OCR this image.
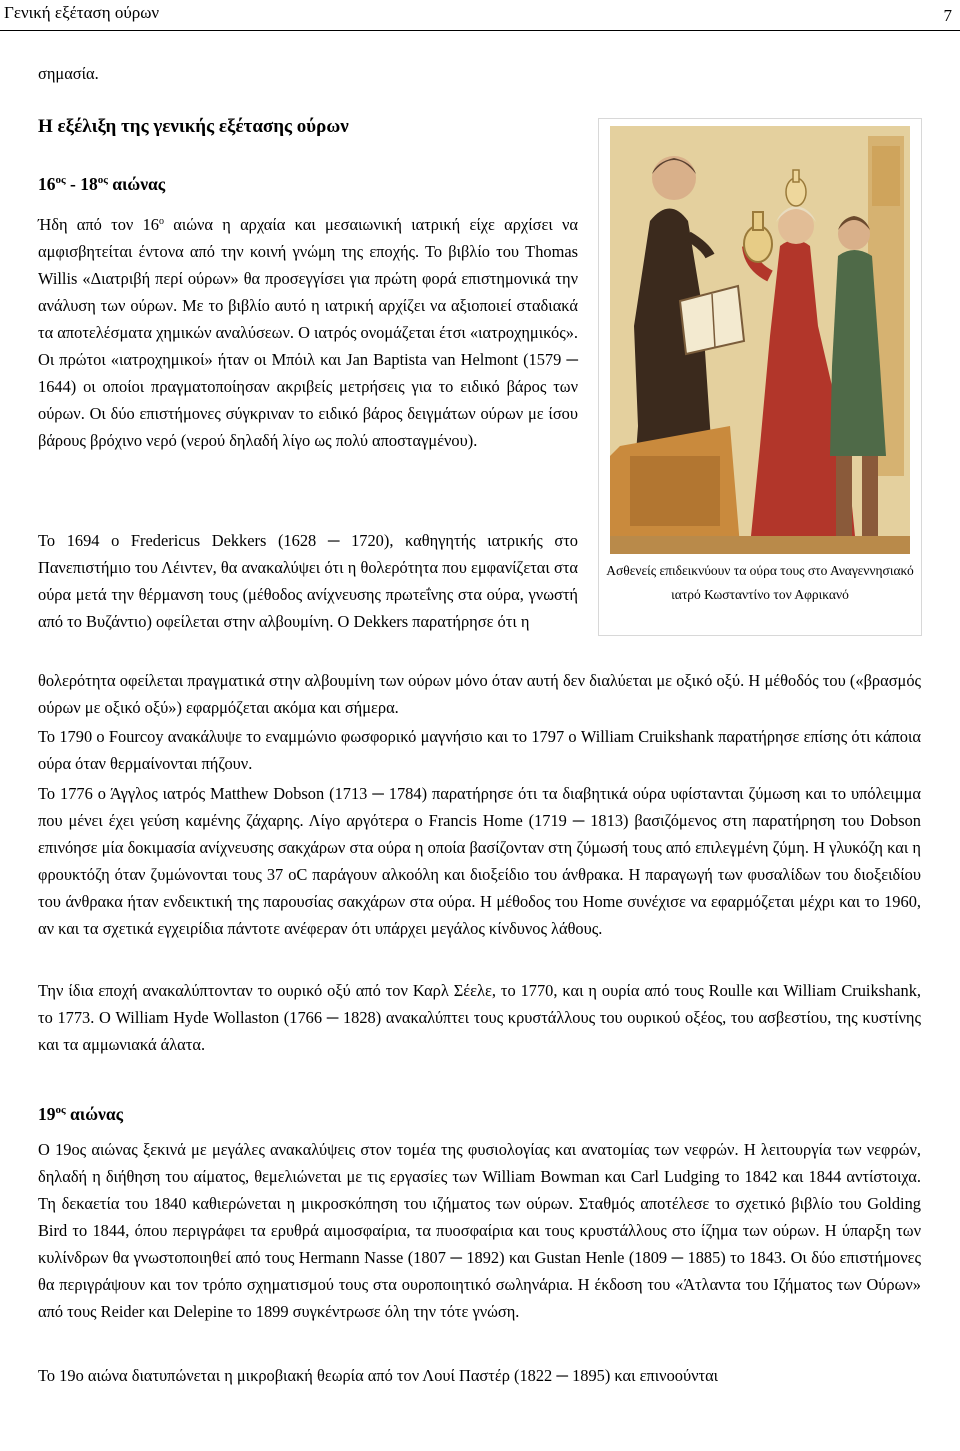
Γενική εξέταση ούρων	7
σημασία.
Η εξέλιξη της γενικής εξέτασης ούρων
$16^{o\varsigma} - 18^{o\varsigma}$ αιώνας
Ήδη από τον $16^o$ αιώνα η αρχαία και μεσαιωνική ιατρική είχε αρχίσει να αμφισβητείται έντονα από την κοινή γνώμη της εποχής. Το βιβλίο του Thomas Willis «Διατριβή περί ούρων» θα προσεγγίσει για πρώτη φορά επιστημονικά την ανάλυση των ούρων. Με το βιβλίο αυτό η ιατρική αρχίζει να αξιοποιεί σταδιακά τα αποτελέσματα χημικών αναλύσεων. Ο ιατρός ονομάζεται έτσι «ιατροχημικός». Οι πρώτοι «ιατροχημικοί» ήταν οι Μπόιλ και Jan Baptista van Helmont (1579 ─ 1644) οι οποίοι πραγματοποίησαν ακριβείς μετρήσεις για το ειδικό βάρος των ούρων. Οι δύο επιστήμονες σύγκριναν το ειδικό βάρος δειγμάτων ούρων με ίσου βάρους βρόχινο νερό (νερού δηλαδή λίγο ως πολύ αποσταγμένου).
Το 1694 ο Fredericus Dekkers (1628 ─ 1720), καθηγητής ιατρικής στο Πανεπιστήμιο του Λέιντεν, θα ανακαλύψει ότι η θολερότητα που εμφανίζεται στα ούρα μετά την θέρμανση τους (μέθοδος ανίχνευσης πρωτεΐνης στα ούρα, γνωστή από το Βυζάντιο) οφείλεται στην αλβουμίνη. Ο Dekkers παρατήρησε ότι η
θολερότητα οφείλεται πραγματικά στην αλβουμίνη των ούρων μόνο όταν αυτή δεν διαλύεται με οξικό οξύ. Η μέθοδός του («βρασμός ούρων με οξικό οξύ») εφαρμόζεται ακόμα και σήμερα.
Το 1790 ο Fourcoy ανακάλυψε το εναμμώνιο φωσφορικό μαγνήσιο και το 1797 ο William Cruikshank παρατήρησε επίσης ότι κάποια ούρα όταν θερμαίνονται πήζουν.
Το 1776 ο Άγγλος ιατρός Matthew Dobson (1713 ─ 1784) παρατήρησε ότι τα διαβητικά ούρα υφίστανται ζύμωση και το υπόλειμμα που μένει έχει γεύση καμένης ζάχαρης. Λίγο αργότερα ο Francis Home (1719 ─ 1813) βασιζόμενος στη παρατήρηση του Dobson επινόησε μία δοκιμασία ανίχνευσης σακχάρων στα ούρα η οποία βασίζονταν στη ζύμωσή τους από επιλεγμένη ζύμη. Η γλυκόζη και η φρουκτόζη όταν ζυμώνονται τους 37 oC παράγουν αλκοόλη και διοξείδιο του άνθρακα. Η παραγωγή των φυσαλίδων του διοξειδίου του άνθρακα ήταν ενδεικτική της παρουσίας σακχάρων στα ούρα. Η μέθοδος του Home συνέχισε να εφαρμόζεται μέχρι και το 1960, αν και τα σχετικά εγχειρίδια πάντοτε ανέφεραν ότι υπάρχει μεγάλος κίνδυνος λάθους.
Την ίδια εποχή ανακαλύπτονταν το ουρικό οξύ από τον Καρλ Σέελε, το 1770, και η ουρία από τους Roulle και William Cruikshank, το 1773. Ο William Hyde Wollaston (1766 ─ 1828) ανακαλύπτει τους κρυστάλλους του ουρικού οξέος, του ασβεστίου, της κυστίνης και τα αμμωνιακά άλατα.
$19^{o\varsigma}$ αιώνας
Ο 19ος αιώνας ξεκινά με μεγάλες ανακαλύψεις στον τομέα της φυσιολογίας και ανατομίας των νεφρών. Η λειτουργία των νεφρών, δηλαδή η διήθηση του αίματος, θεμελιώνεται με τις εργασίες των William Bowman και Carl Ludging το 1842 και 1844 αντίστοιχα. Τη δεκαετία του 1840 καθιερώνεται η μικροσκόπηση του ιζήματος των ούρων. Σταθμός αποτέλεσε το σχετικό βιβλίο του Golding Bird το 1844, όπου περιγράφει τα ερυθρά αιμοσφαίρια, τα πυοσφαίρια και τους κρυστάλλους στο ίζημα των ούρων. Η ύπαρξη των κυλίνδρων θα γνωστοποιηθεί από τους Hermann Nasse (1807 ─ 1892) και Gustan Henle (1809 ─ 1885) το 1843. Οι δύο επιστήμονες θα περιγράψουν και τον τρόπο σχηματισμού τους στα ουροποιητικό σωληνάρια. Η έκδοση του «Άτλαντα του Ιζήματος των Ούρων» από τους Reider και Delepine το 1899 συγκέντρωσε όλη την τότε γνώση.
Το 19ο αιώνα διατυπώνεται η μικροβιακή θεωρία από τον Λουί Παστέρ (1822 ─ 1895) και επινοούνται
Ασθενείς επιδεικνύουν τα ούρα τους στο Αναγεννησιακό ιατρό Κωσταντίνο τον Αφρικανό
